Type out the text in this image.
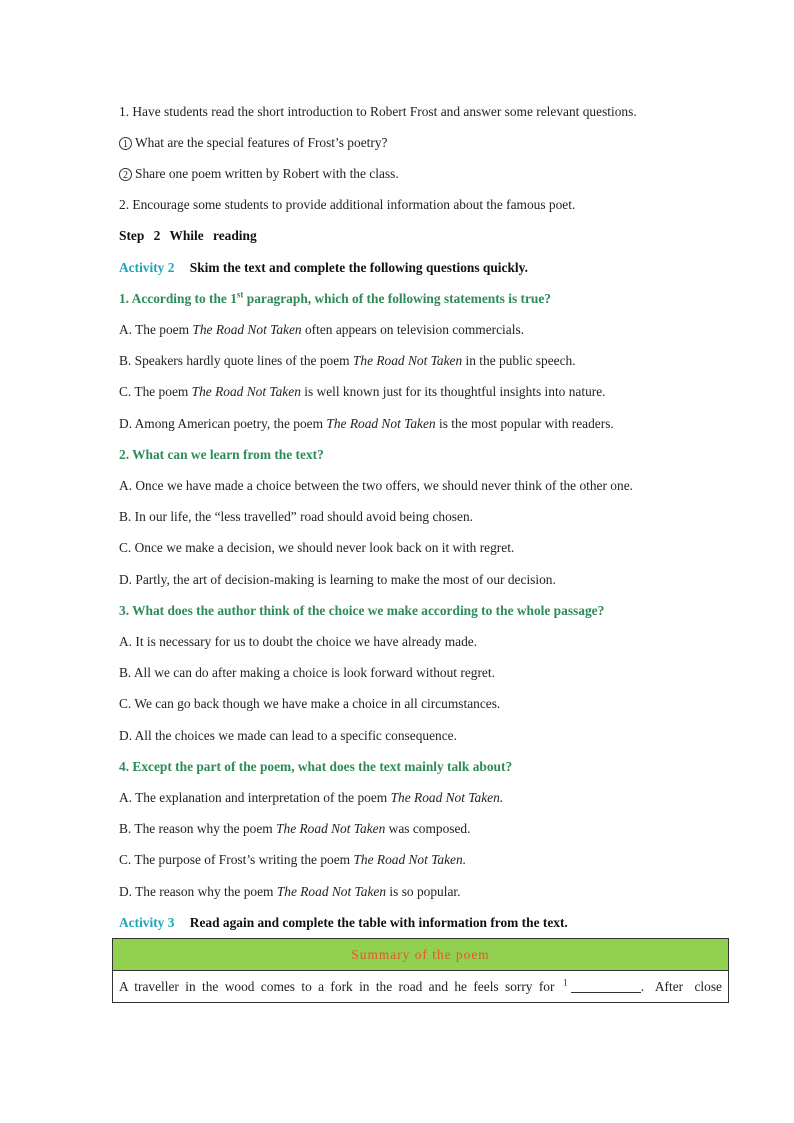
1. Have students read the short introduction to Robert Frost and answer some relevant questions.
1 What are the special features of Frost’s poetry?
2 Share one poem written by Robert with the class.
2. Encourage some students to provide additional information about the famous poet.
Step 2 While reading
Activity 2 Skim the text and complete the following questions quickly.
1. According to the 1st paragraph, which of the following statements is true?
A. The poem The Road Not Taken often appears on television commercials.
B. Speakers hardly quote lines of the poem The Road Not Taken in the public speech.
C. The poem The Road Not Taken is well known just for its thoughtful insights into nature.
D. Among American poetry, the poem The Road Not Taken is the most popular with readers.
2. What can we learn from the text?
A. Once we have made a choice between the two offers, we should never think of the other one.
B. In our life, the “less travelled” road should avoid being chosen.
C. Once we make a decision, we should never look back on it with regret.
D. Partly, the art of decision-making is learning to make the most of our decision.
3. What does the author think of the choice we make according to the whole passage?
A. It is necessary for us to doubt the choice we have already made.
B. All we can do after making a choice is look forward without regret.
C. We can go back though we have make a choice in all circumstances.
D. All the choices we made can lead to a specific consequence.
4. Except the part of the poem, what does the text mainly talk about?
A. The explanation and interpretation of the poem The Road Not Taken.
B. The reason why the poem The Road Not Taken was composed.
C. The purpose of Frost’s writing the poem The Road Not Taken.
D. The reason why the poem The Road Not Taken is so popular.
Activity 3 Read again and complete the table with information from the text.
Summary of the poem
A traveller in the wood comes to a fork in the road and he feels sorry for $^1$	. After close
